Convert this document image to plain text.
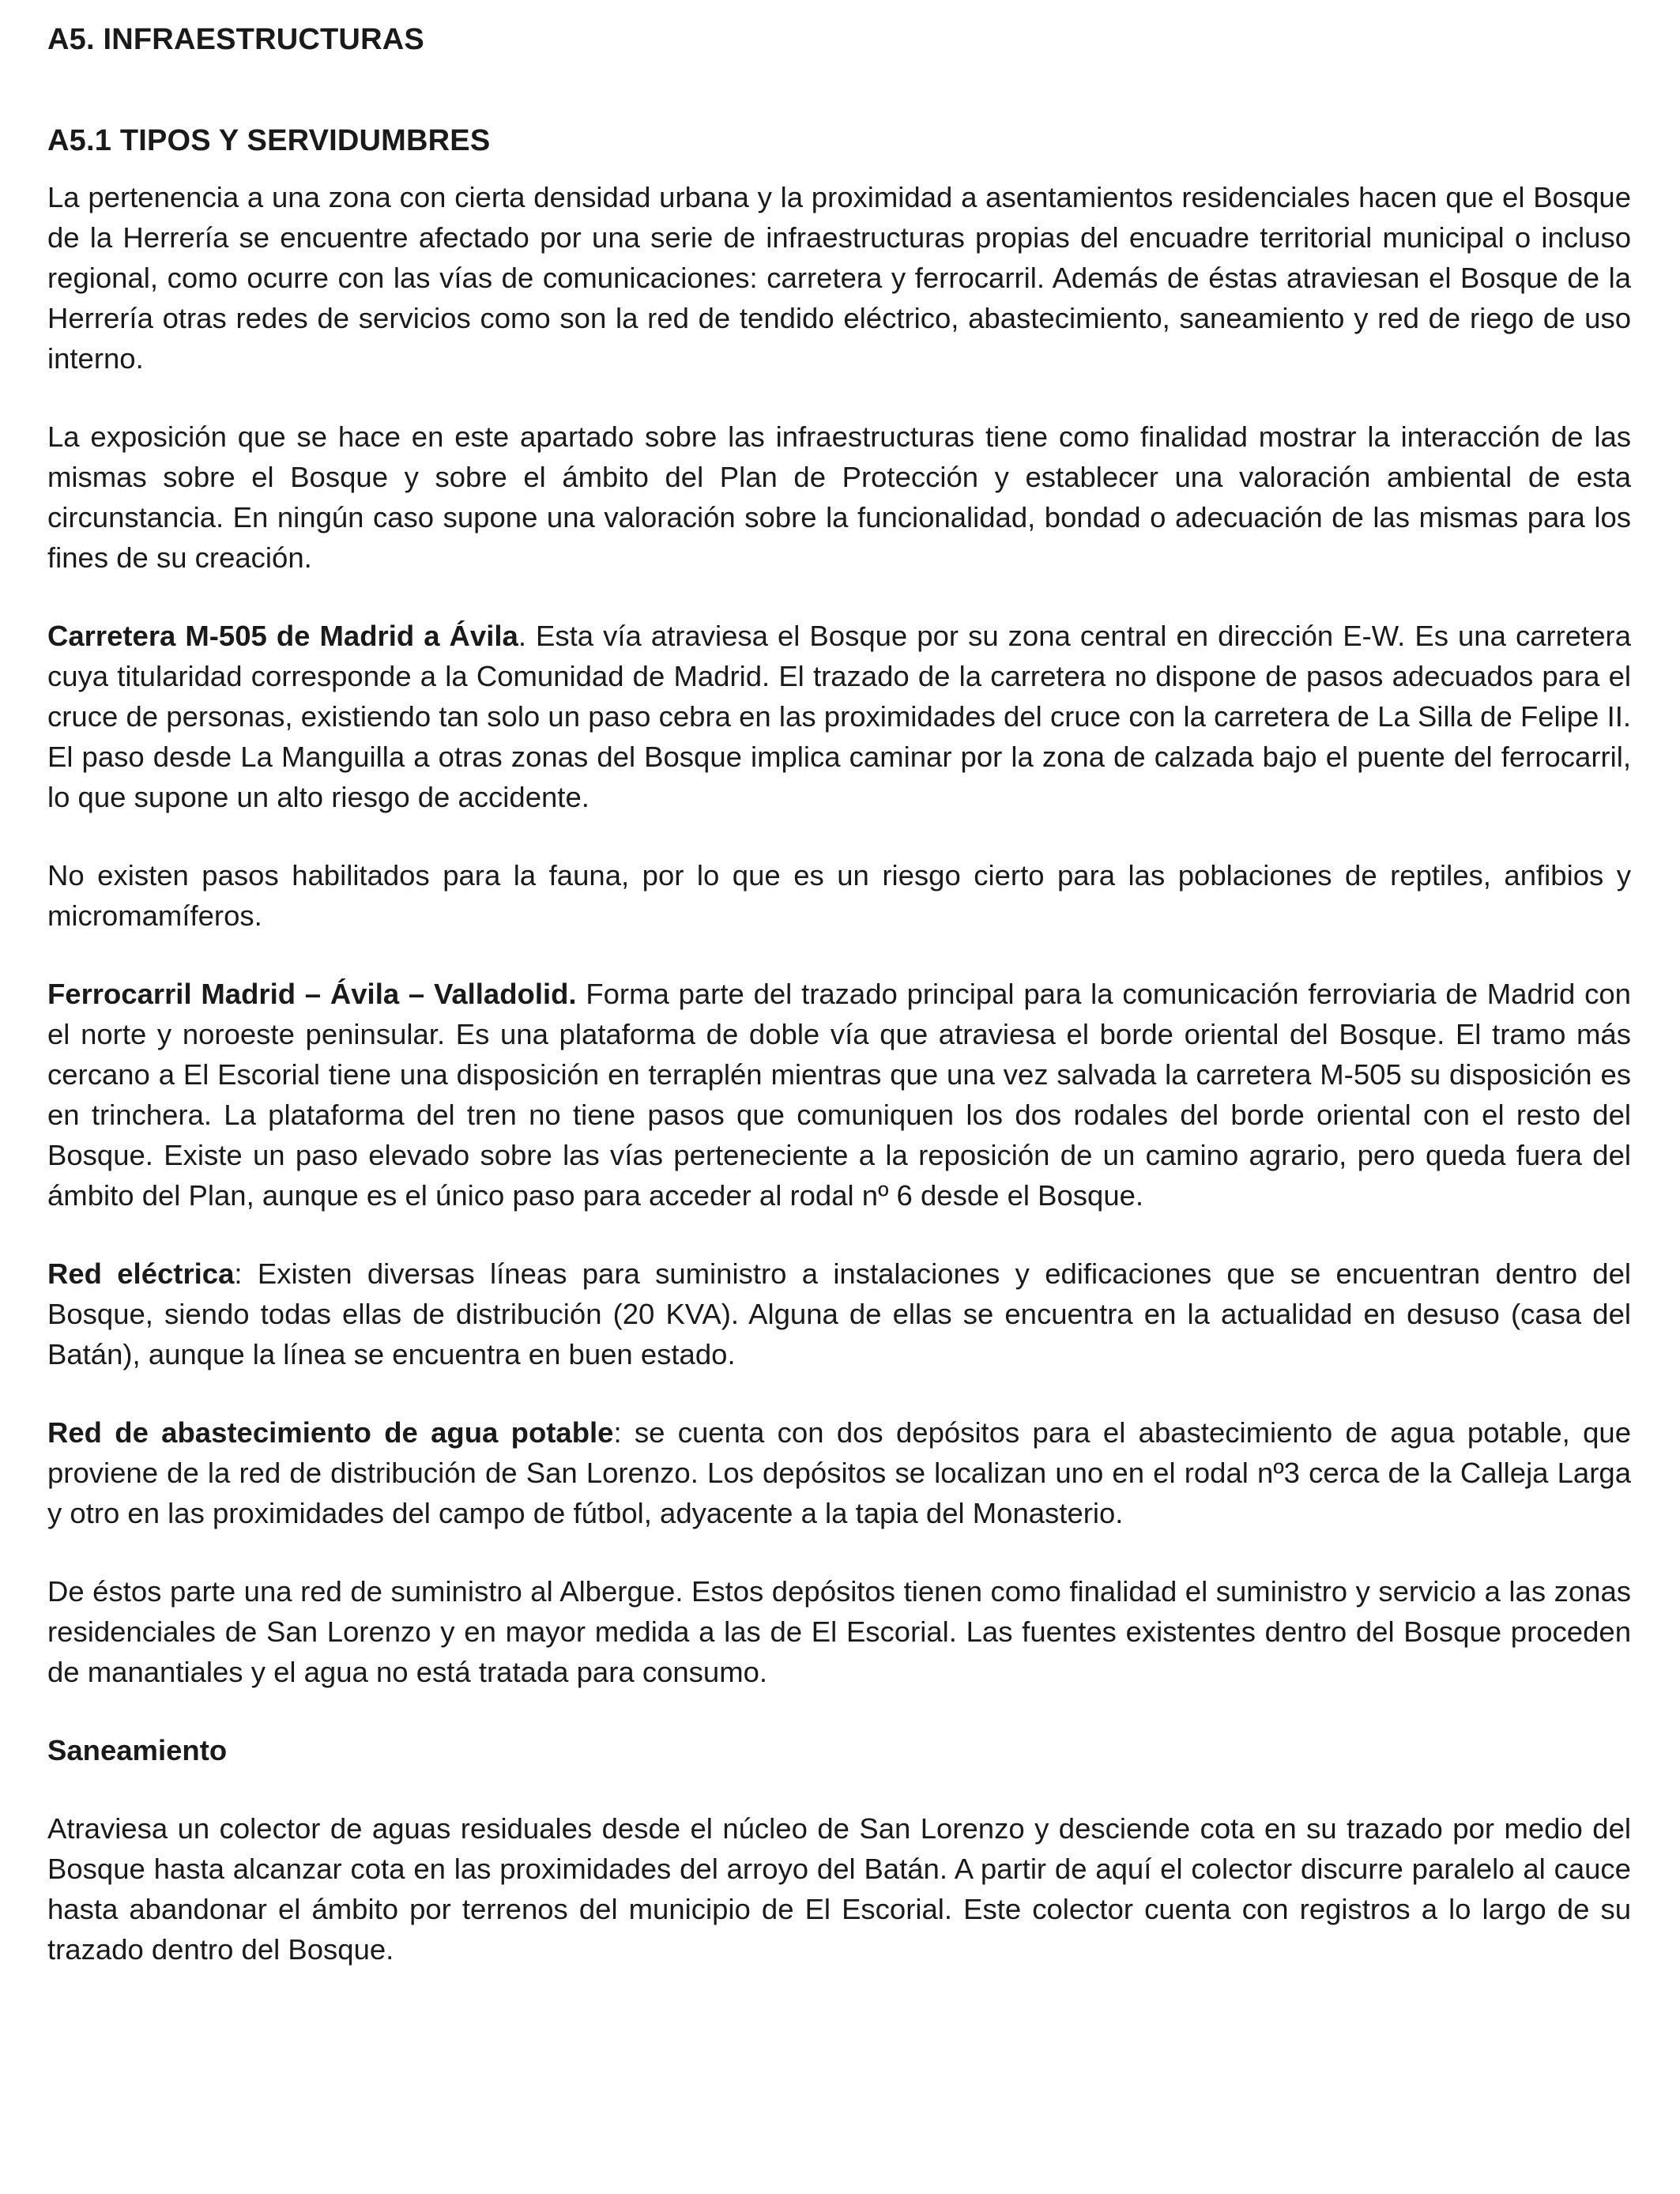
A5. INFRAESTRUCTURAS
A5.1 TIPOS Y SERVIDUMBRES

La pertenencia a una zona con cierta densidad urbana y la proximidad a asentamientos residenciales hacen que el Bosque de la Herrería se encuentre afectado por una serie de infraestructuras propias del encuadre territorial municipal o incluso regional, como ocurre con las vías de comunicaciones: carretera y ferrocarril. Además de éstas atraviesan el Bosque de la Herrería otras redes de servicios como son la red de tendido eléctrico, abastecimiento, saneamiento y red de riego de uso interno.

La exposición que se hace en este apartado sobre las infraestructuras tiene como finalidad mostrar la interacción de las mismas sobre el Bosque y sobre el ámbito del Plan de Protección y establecer una valoración ambiental de esta circunstancia. En ningún caso supone una valoración sobre la funcionalidad, bondad o adecuación de las mismas para los fines de su creación.

Carretera M-505 de Madrid a Ávila. Esta vía atraviesa el Bosque por su zona central en dirección E-W. Es una carretera cuya titularidad corresponde a la Comunidad de Madrid. El trazado de la carretera no dispone de pasos adecuados para el cruce de personas, existiendo tan solo un paso cebra en las proximidades del cruce con la carretera de La Silla de Felipe II. El paso desde La Manguilla a otras zonas del Bosque implica caminar por la zona de calzada bajo el puente del ferrocarril, lo que supone un alto riesgo de accidente.

No existen pasos habilitados para la fauna, por lo que es un riesgo cierto para las poblaciones de reptiles, anfibios y micromamíferos.

Ferrocarril Madrid – Ávila – Valladolid. Forma parte del trazado principal para la comunicación ferroviaria de Madrid con el norte y noroeste peninsular. Es una plataforma de doble vía que atraviesa el borde oriental del Bosque. El tramo más cercano a El Escorial tiene una disposición en terraplén mientras que una vez salvada la carretera M-505 su disposición es en trinchera. La plataforma del tren no tiene pasos que comuniquen los dos rodales del borde oriental con el resto del Bosque. Existe un paso elevado sobre las vías perteneciente a la reposición de un camino agrario, pero queda fuera del ámbito del Plan, aunque es el único paso para acceder al rodal nº 6 desde el Bosque.

Red eléctrica: Existen diversas líneas para suministro a instalaciones y edificaciones que se encuentran dentro del Bosque, siendo todas ellas de distribución (20 KVA). Alguna de ellas se encuentra en la actualidad en desuso (casa del Batán), aunque la línea se encuentra en buen estado.

Red de abastecimiento de agua potable: se cuenta con dos depósitos para el abastecimiento de agua potable, que proviene de la red de distribución de San Lorenzo. Los depósitos se localizan uno en el rodal nº3 cerca de la Calleja Larga y otro en las proximidades del campo de fútbol, adyacente a la tapia del Monasterio.

De éstos parte una red de suministro al Albergue. Estos depósitos tienen como finalidad el suministro y servicio a las zonas residenciales de San Lorenzo y en mayor medida a las de El Escorial. Las fuentes existentes dentro del Bosque proceden de manantiales y el agua no está tratada para consumo.

Saneamiento

Atraviesa un colector de aguas residuales desde el núcleo de San Lorenzo y desciende cota en su trazado por medio del Bosque hasta alcanzar cota en las proximidades del arroyo del Batán. A partir de aquí el colector discurre paralelo al cauce hasta abandonar el ámbito por terrenos del municipio de El Escorial. Este colector cuenta con registros a lo largo de su trazado dentro del Bosque.
